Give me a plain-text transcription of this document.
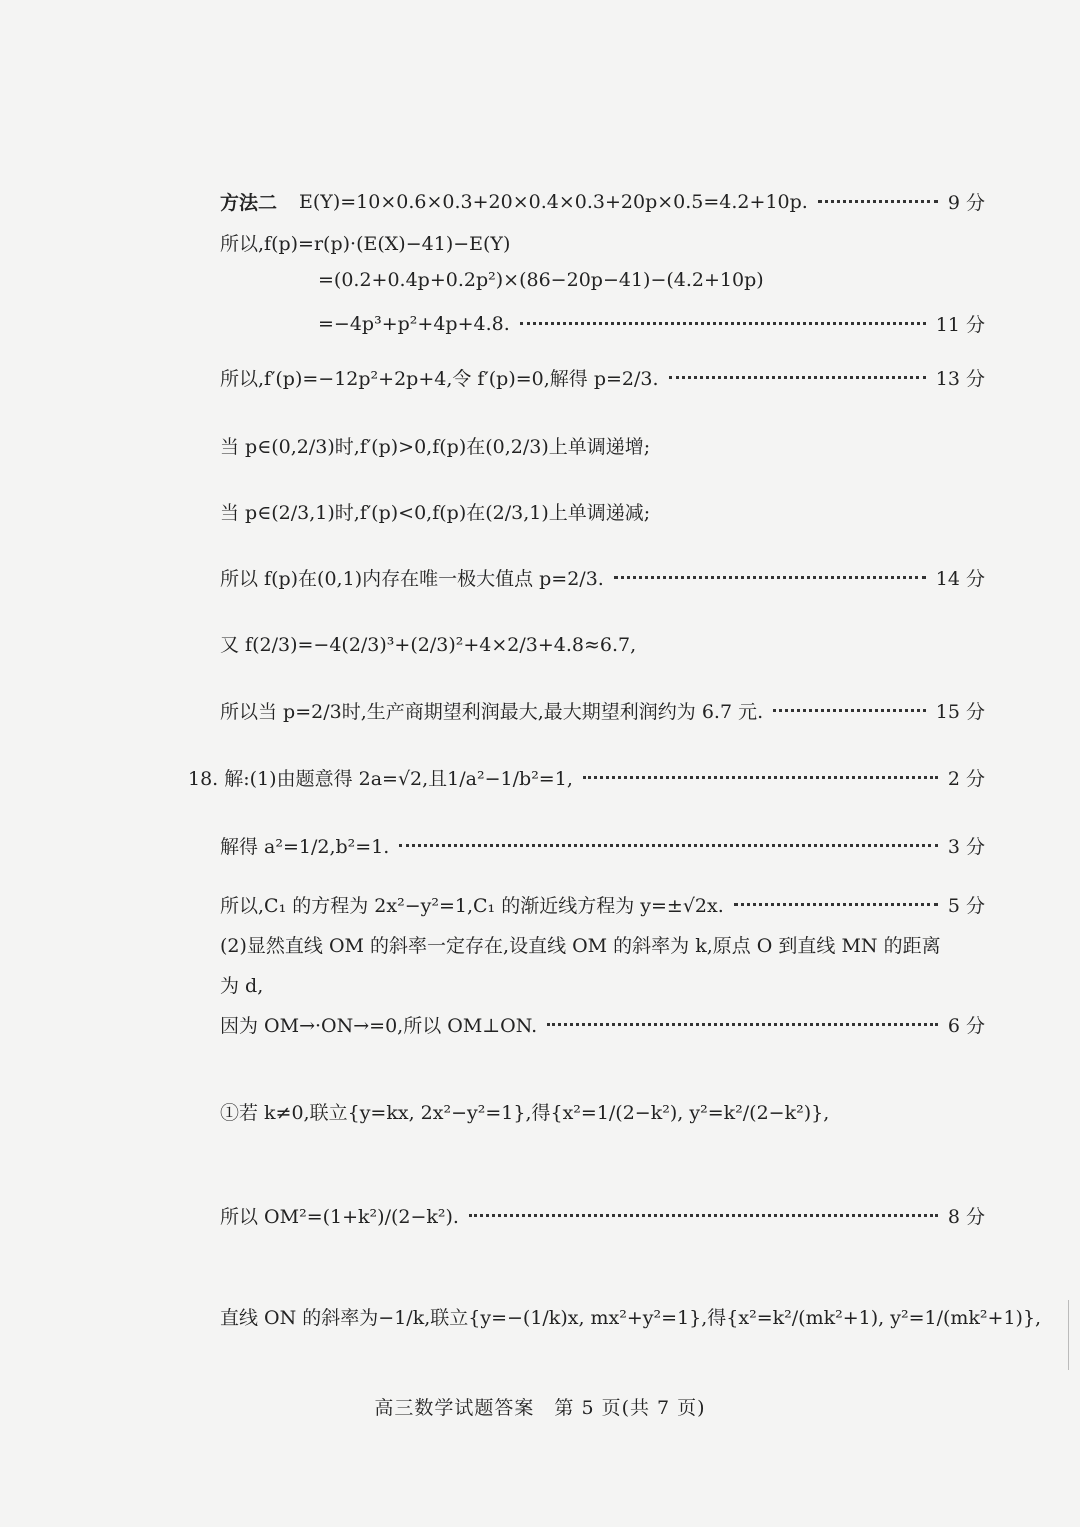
方法二 E(Y)=10×0.6×0.3+20×0.4×0.3+20p×0.5=4.2+10p.	9 分
所以,f(p)=r(p)·(E(X)−41)−E(Y)
=(0.2+0.4p+0.2p²)×(86−20p−41)−(4.2+10p)
=−4p³+p²+4p+4.8.	11 分
所以,f′(p)=−12p²+2p+4,令 f′(p)=0,解得 p=2/3.	13 分
当 p∈(0,2/3)时,f′(p)>0,f(p)在(0,2/3)上单调递增;
当 p∈(2/3,1)时,f′(p)<0,f(p)在(2/3,1)上单调递减;
所以 f(p)在(0,1)内存在唯一极大值点 p=2/3.	14 分
又 f(2/3)=−4(2/3)³+(2/3)²+4×2/3+4.8≈6.7,
所以当 p=2/3时,生产商期望利润最大,最大期望利润约为 6.7 元.	15 分
18. 解:(1)由题意得 2a=√2,且1/a²−1/b²=1,	2 分
解得 a²=1/2,b²=1.	3 分
所以,C₁ 的方程为 2x²−y²=1,C₁ 的渐近线方程为 y=±√2x.	5 分
(2)显然直线 OM 的斜率一定存在,设直线 OM 的斜率为 k,原点 O 到直线 MN 的距离
为 d,
因为 OM→·ON→=0,所以 OM⊥ON.	6 分
①若 k≠0,联立{y=kx, 2x²−y²=1},得{x²=1/(2−k²), y²=k²/(2−k²)},
所以 OM²=(1+k²)/(2−k²).	8 分
直线 ON 的斜率为−1/k,联立{y=−(1/k)x, mx²+y²=1},得{x²=k²/(mk²+1), y²=1/(mk²+1)},
高三数学试题答案　第 5 页(共 7 页)
